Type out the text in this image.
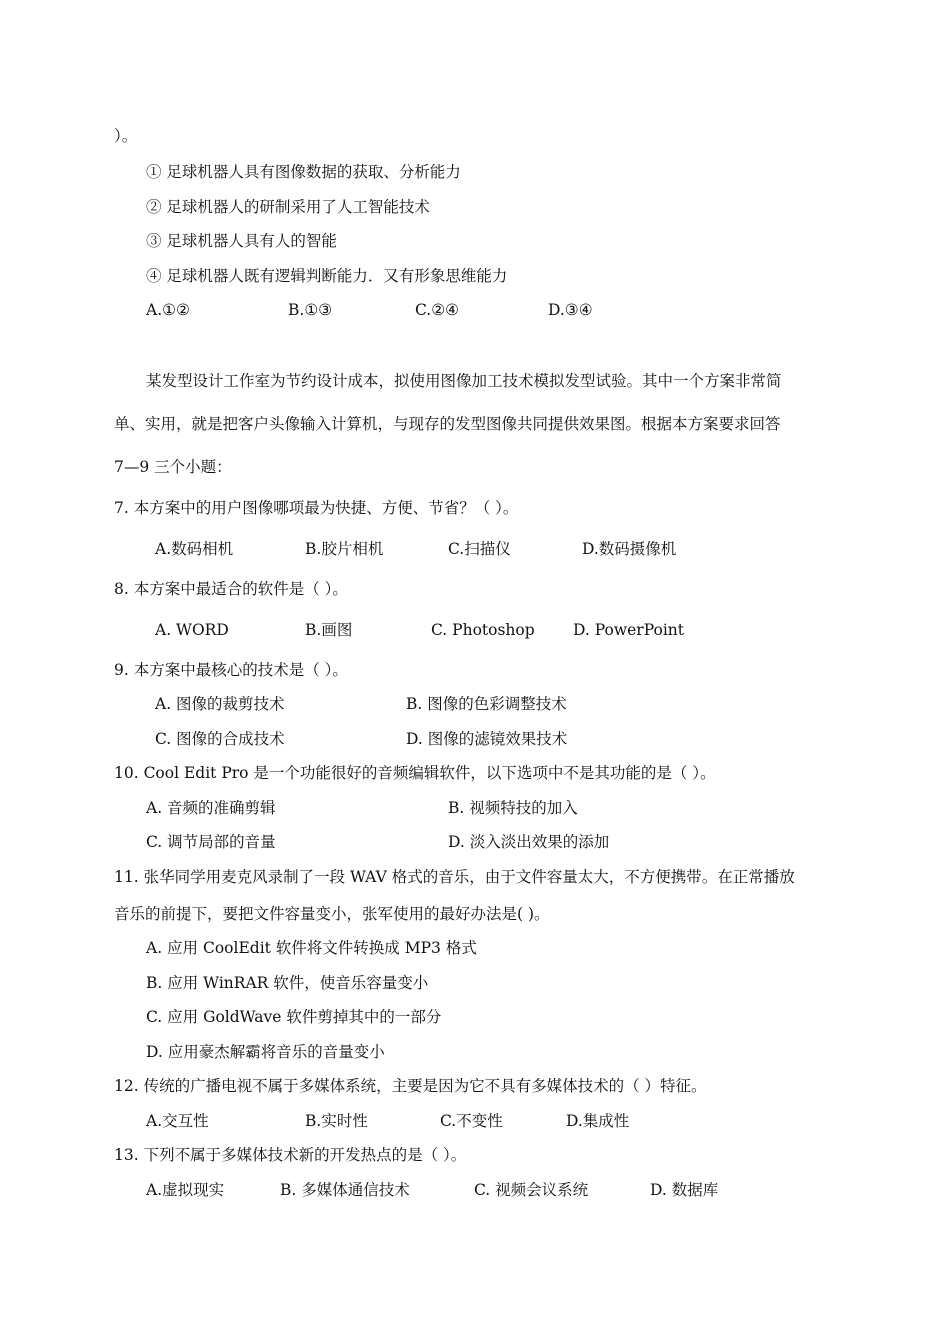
）。
① 足球机器人具有图像数据的获取、分析能力
② 足球机器人的研制采用了人工智能技术
③ 足球机器人具有人的智能
④ 足球机器人既有逻辑判断能力．又有形象思维能力
A.①②	B.①③	C.②④	D.③④
某发型设计工作室为节约设计成本，拟使用图像加工技术模拟发型试验。其中一个方案非常简
单、实用，就是把客户头像输入计算机，与现存的发型图像共同提供效果图。根据本方案要求回答
7—9 三个小题：
7. 本方案中的用户图像哪项最为快捷、方便、节省？（ ）。
A.数码相机	B.胶片相机	C.扫描仪	D.数码摄像机
8. 本方案中最适合的软件是（ ）。
A. WORD	B.画图	C. Photoshop D. PowerPoint
9. 本方案中最核心的技术是（ ）。
A. 图像的裁剪技术	B. 图像的色彩调整技术
C. 图像的合成技术	D. 图像的滤镜效果技术
10. Cool Edit Pro 是一个功能很好的音频编辑软件，以下选项中不是其功能的是（ ）。
A. 音频的准确剪辑	B. 视频特技的加入
C. 调节局部的音量	D. 淡入淡出效果的添加
11. 张华同学用麦克风录制了一段 WAV 格式的音乐，由于文件容量太大，不方便携带。在正常播放
音乐的前提下，要把文件容量变小，张军使用的最好办法是( )。
A. 应用 CoolEdit 软件将文件转换成 MP3 格式
B. 应用 WinRAR 软件，使音乐容量变小
C. 应用 GoldWave 软件剪掉其中的一部分
D. 应用豪杰解霸将音乐的音量变小
12. 传统的广播电视不属于多媒体系统，主要是因为它不具有多媒体技术的（ ）特征。
A.交互性	B.实时性	C.不变性	D.集成性
13. 下列不属于多媒体技术新的开发热点的是（ ）。
A.虚拟现实	B. 多媒体通信技术	C. 视频会议系统	D. 数据库
